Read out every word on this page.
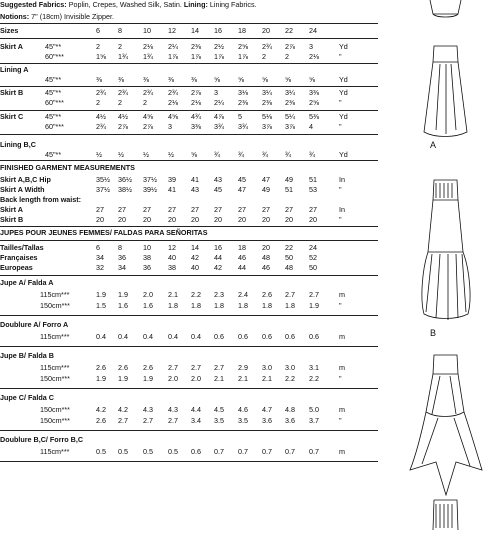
Suggested Fabrics: Poplin, Crepes, Washed Silk, Satin. Lining: Lining Fabrics.
Notions: 7" (18cm) Invisible Zipper.
Sizes	6	8	10 12 14 16 18 20 22 24
Skirt A	45"**	2	2	2⅛ 2¼ 2⅜ 2½ 2⅝ 2¾ 2⅞ 3	Yd
60"***	1⅝ 1¾ 1¾ 1⅞ 1⅞ 1⅞ 1⅞ 2	2	2⅛	"
Lining A
45"**	⅜ ⅜	⅜	⅜ ⅜ ⅝	⅝	⅝ ⅝	⅝	Yd
Skirt B	45"**	2¾ 2¾ 2¾ 2¾ 2⅞ 3	3⅛ 3¼ 3¼ 3⅜	Yd
60"***	2	2	2	2⅛ 2⅛ 2¼ 2⅜ 2⅜ 2⅜ 2⅝	"
Skirt C	45"**	4½ 4½ 4⅝ 4⅝ 4¾ 4⅞ 5	5⅛ 5¼ 5⅜	Yd
60"***	2¾ 2⅞ 2⅞ 3	3⅜ 3¾ 3¾ 3⅞ 3⅞ 4	"
Lining B,C
45"**	½ ½	½	½ ⅝ ¾	¾	¾ ¾	¾	Yd
FINISHED GARMENT MEASUREMENTS
Skirt A,B,C Hip	35½ 36½ 37½ 39 41 43 45 47 49 51	In
Skirt A Width	37½ 38½ 39½ 41 43 45 47 49 51 53	"
Back length from waist:
Skirt A	27 27 27 27 27 27 27 27 27 27	In
Skirt B	20 20 20 20 20 20 20 20 20 20	"
JUPES POUR JEUNES FEMMES/ FALDAS PARA SEÑORITAS
Tailles/Tallas	6	8	10 12 14 16 18 20 22 24
Françaises	34 36 38 40 42 44 46 48 50 52
Europeas	32 34 36 38 40 42 44 46 48 50
Jupe A/ Falda A
115cm***	1.9 1.9 2.0 2.1 2.2 2.3 2.4 2.6 2.7 2.7	m
150cm***	1.5 1.6 1.6 1.8 1.8 1.8 1.8 1.8 1.8 1.9	"
Doublure A/ Forro A
115cm***	0.4 0.4 0.4 0.4 0.4 0.6 0.6 0.6 0.6 0.6	m
Jupe B/ Falda B
115cm***	2.6 2.6 2.6 2.7 2.7 2.7 2.9 3.0 3.0 3.1	m
150cm***	1.9 1.9 1.9 2.0 2.0 2.1 2.1 2.1 2.2 2.2	"
Jupe C/ Falda C
150cm***	4.2 4.2 4.3 4.3 4.4 4.5 4.6 4.7 4.8 5.0	m
150cm***	2.6 2.7 2.7 2.7 3.4 3.5 3.5 3.6 3.6 3.7	"
Doublure B,C/ Forro B,C
115cm***	0.5 0.5 0.5 0.5 0.6 0.7 0.7 0.7 0.7 0.7	m
A
B
